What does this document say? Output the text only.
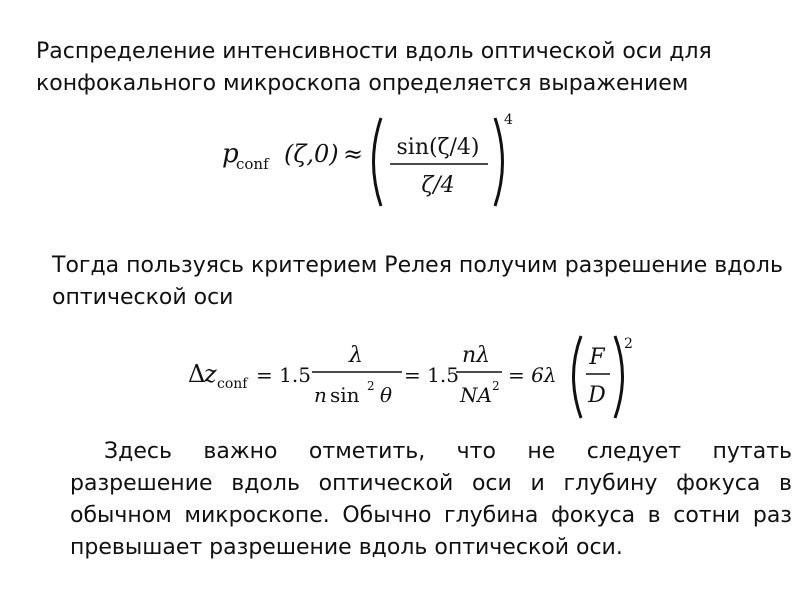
Распределение интенсивности вдоль оптической оси для конфокального микроскопа определяется выражением
p
conf (ζ,0) ≈ sin(ζ/4)
ζ/4
4
Тогда пользуясь критерием Релея получим разрешение вдоль оптической оси
Δ
z conf = 1.5
λ
n sin 2 θ
= 1.5
nλ
NA 2 = 6λ
F
D
2
Здесь важно отметить, что не следует путать разрешение вдоль оптической оси и глубину фокуса в обычном микроскопе. Обычно глубина фокуса в сотни раз превышает разрешение вдоль оптической оси.
